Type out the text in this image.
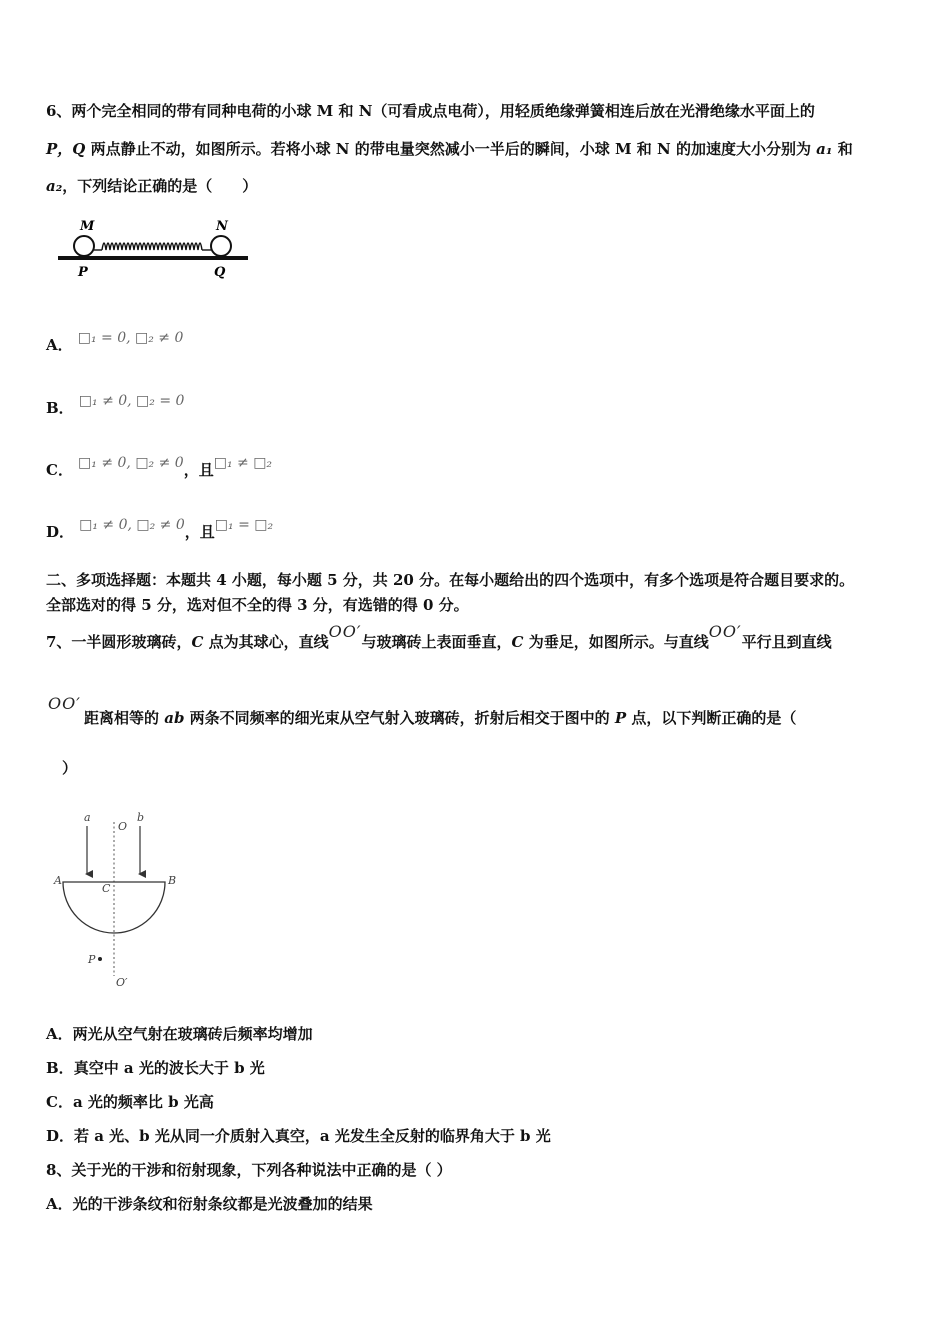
6、两个完全相同的带有同种电荷的小球 M 和 N（可看成点电荷），用轻质绝缘弹簧相连后放在光滑绝缘水平面上的
P，Q 两点静止不动，如图所示。若将小球 N 的带电量突然减小一半后的瞬间，小球 M 和 N 的加速度大小分别为 a₁ 和
a₂，下列结论正确的是（　　）
M	N
P	Q
A． □₁ = 0, □₂ ≠ 0
B． □₁ ≠ 0, □₂ = 0
C． □₁ ≠ 0, □₂ ≠ 0，且□₁ ≠ □₂
D． □₁ ≠ 0, □₂ ≠ 0，且□₁ = □₂
二、多项选择题：本题共 4 小题，每小题 5 分，共 20 分。在每小题给出的四个选项中，有多个选项是符合题目要求的。
全部选对的得 5 分，选对但不全的得 3 分，有选错的得 0 分。
7、一半圆形玻璃砖，C 点为其球心，直线OO′与玻璃砖上表面垂直，C 为垂足，如图所示。与直线OO′平行且到直线
OO′
距离相等的 ab 两条不同频率的细光束从空气射入玻璃砖，折射后相交于图中的 P 点，以下判断正确的是（
）
a	b
O
A	B
C
P
O′
A．两光从空气射在玻璃砖后频率均增加
B．真空中 a 光的波长大于 b 光
C．a 光的频率比 b 光高
D．若 a 光、b 光从同一介质射入真空，a 光发生全反射的临界角大于 b 光
8、关于光的干涉和衍射现象，下列各种说法中正确的是（ ）
A．光的干涉条纹和衍射条纹都是光波叠加的结果
